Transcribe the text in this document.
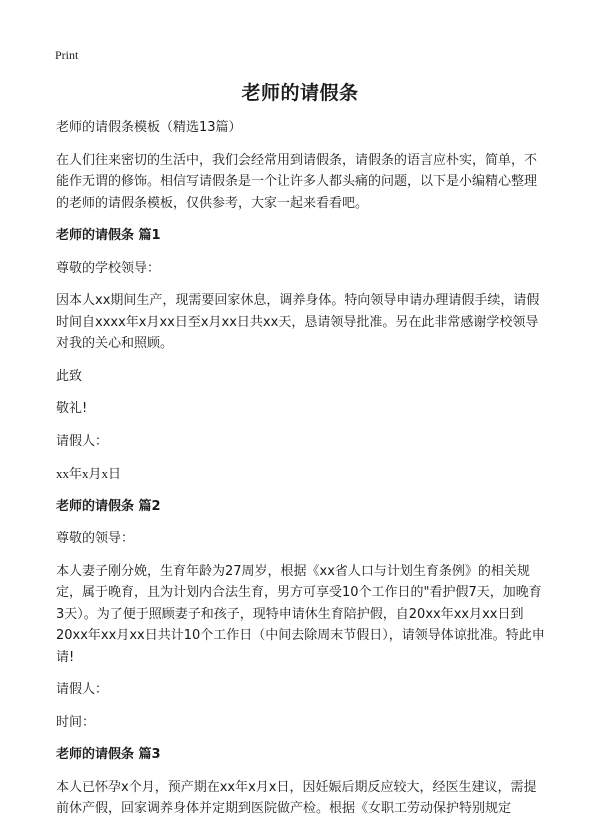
Print
老师的请假条

老师的请假条模板（精选13篇）

在人们往来密切的生活中，我们会经常用到请假条，请假条的语言应朴实，简单，不能作无谓的修饰。相信写请假条是一个让许多人都头痛的问题，以下是小编精心整理的老师的请假条模板，仅供参考，大家一起来看看吧。

老师的请假条 篇1

尊敬的学校领导：

因本人xx期间生产，现需要回家休息，调养身体。特向领导申请办理请假手续，请假时间自xxxx年x月xx日至x月xx日共xx天，恳请领导批准。另在此非常感谢学校领导对我的关心和照顾。

此致

敬礼!

请假人：

xx年x月x日

老师的请假条 篇2

尊敬的领导：

本人妻子刚分娩，生育年龄为27周岁，根据《xx省人口与计划生育条例》的相关规定，属于晚育，且为计划内合法生育，男方可享受10个工作日的"看护假7天，加晚育3天）。为了便于照顾妻子和孩子，现特申请休生育陪护假，自20xx年xx月xx日到20xx年xx月xx日共计10个工作日（中间去除周末节假日），请领导体谅批准。特此申请!

请假人：

时间：

老师的请假条 篇3

本人已怀孕x个月，预产期在xx年x月x日，因妊娠后期反应较大，经医生建议，需提前休产假，回家调养身体并定期到医院做产检。根据《女职工劳动保护特别规定
